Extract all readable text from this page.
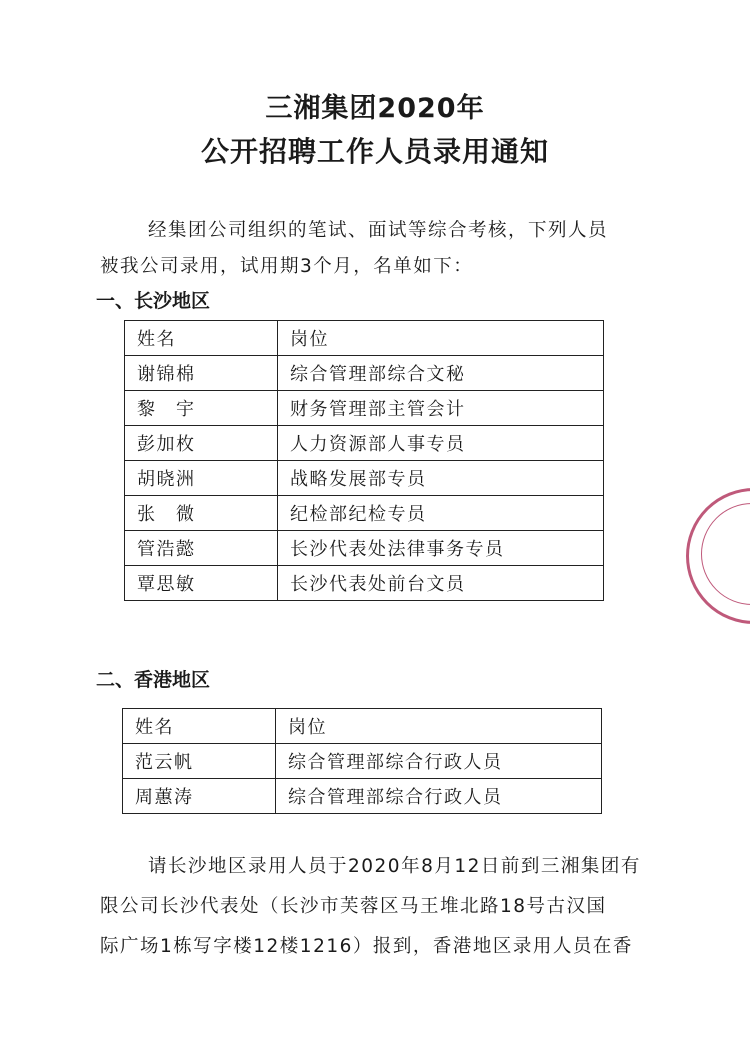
三湘集团2020年
公开招聘工作人员录用通知
经集团公司组织的笔试、面试等综合考核，下列人员
被我公司录用，试用期3个月，名单如下：
一、长沙地区
姓名	岗位
谢锦棉	综合管理部综合文秘
黎　宇	财务管理部主管会计
彭加枚	人力资源部人事专员
胡晓洲	战略发展部专员
张　微	纪检部纪检专员
管浩懿	长沙代表处法律事务专员
覃思敏	长沙代表处前台文员
二、香港地区
姓名	岗位
范云帆	综合管理部综合行政人员
周蕙涛	综合管理部综合行政人员
请长沙地区录用人员于2020年8月12日前到三湘集团有
限公司长沙代表处（长沙市芙蓉区马王堆北路18号古汉国
际广场1栋写字楼12楼1216）报到，香港地区录用人员在香
